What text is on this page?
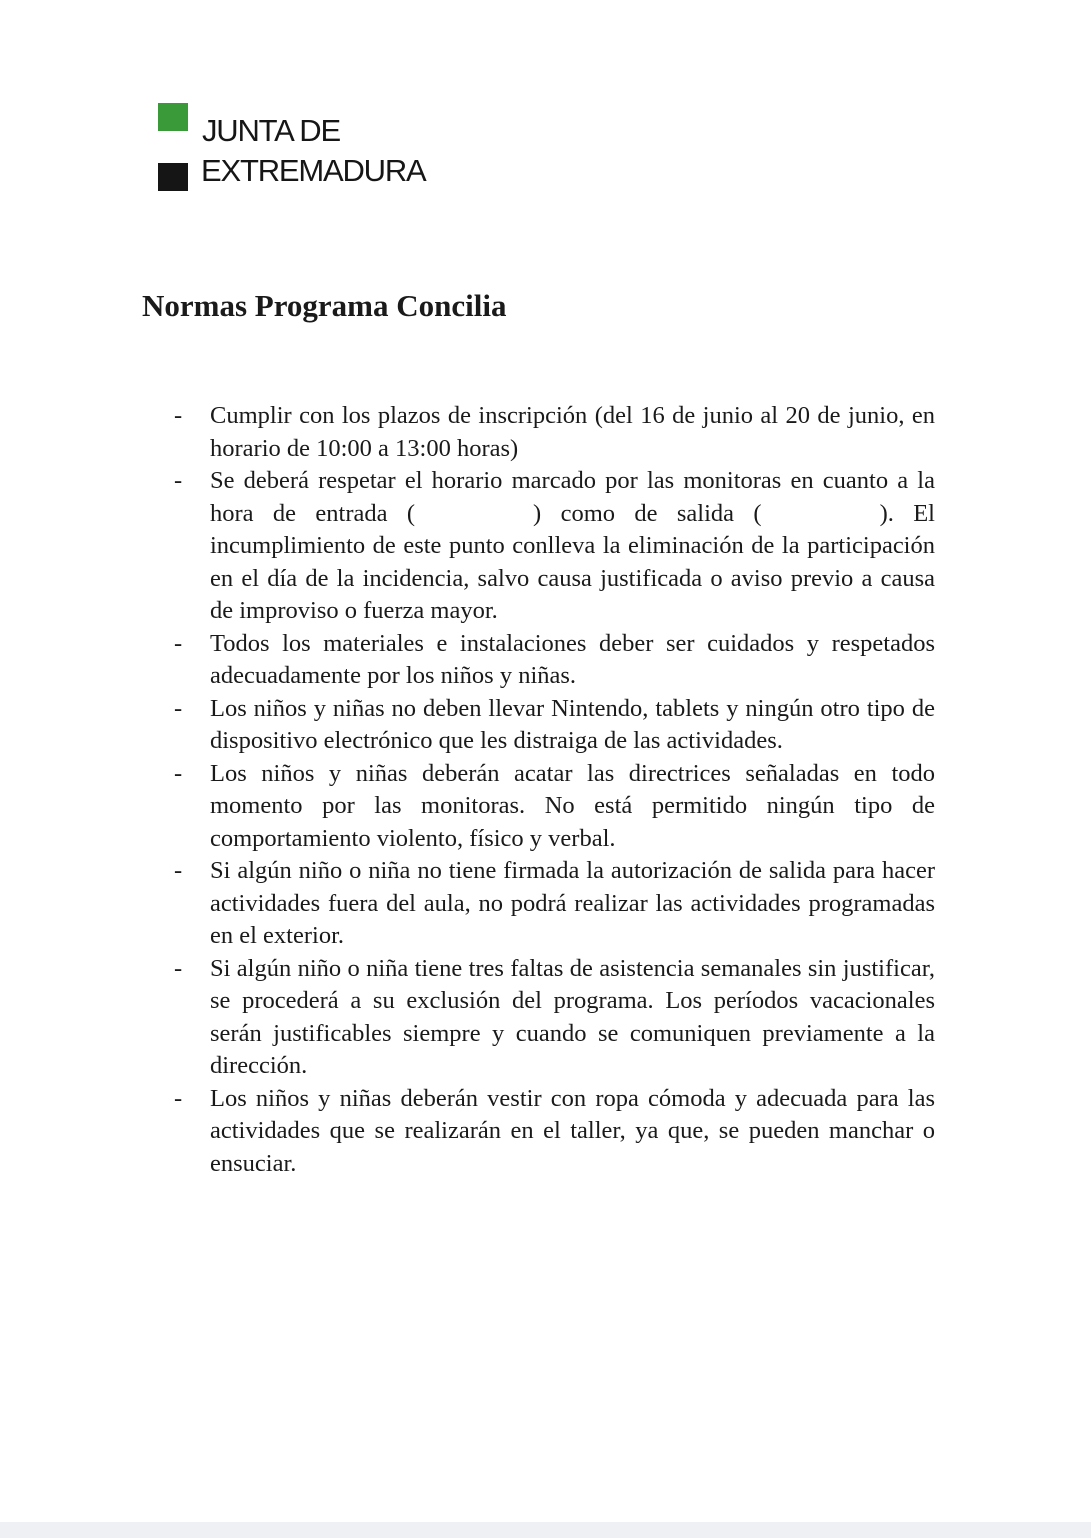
JUNTA DE
EXTREMADURA
Normas Programa Concilia
- Cumplir con los plazos de inscripción (del 16 de junio al 20 de junio, en horario de 10:00 a 13:00 horas)
- Se deberá respetar el horario marcado por las monitoras en cuanto a la hora de entrada (	) como de salida (	). El incumplimiento de este punto conlleva la eliminación de la participación en el día de la incidencia, salvo causa justificada o aviso previo a causa de improviso o fuerza mayor.
- Todos los materiales e instalaciones deber ser cuidados y respetados adecuadamente por los niños y niñas.
- Los niños y niñas no deben llevar Nintendo, tablets y ningún otro tipo de dispositivo electrónico que les distraiga de las actividades.
- Los niños y niñas deberán acatar las directrices señaladas en todo momento por las monitoras. No está permitido ningún tipo de comportamiento violento, físico y verbal.
- Si algún niño o niña no tiene firmada la autorización de salida para hacer actividades fuera del aula, no podrá realizar las actividades programadas en el exterior.
- Si algún niño o niña tiene tres faltas de asistencia semanales sin justificar, se procederá a su exclusión del programa. Los períodos vacacionales serán justificables siempre y cuando se comuniquen previamente a la dirección.
- Los niños y niñas deberán vestir con ropa cómoda y adecuada para las actividades que se realizarán en el taller, ya que, se pueden manchar o ensuciar.
